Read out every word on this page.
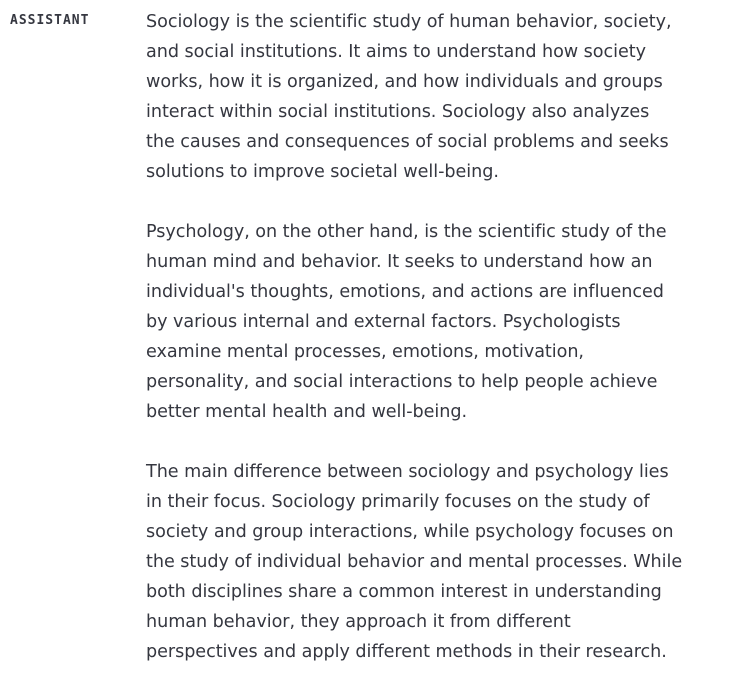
ASSISTANT	Sociology is the scientific study of human behavior, society,
and social institutions. It aims to understand how society
works, how it is organized, and how individuals and groups
interact within social institutions. Sociology also analyzes
the causes and consequences of social problems and seeks
solutions to improve societal well-being.

Psychology, on the other hand, is the scientific study of the
human mind and behavior. It seeks to understand how an
individual's thoughts, emotions, and actions are influenced
by various internal and external factors. Psychologists
examine mental processes, emotions, motivation,
personality, and social interactions to help people achieve
better mental health and well-being.

The main difference between sociology and psychology lies
in their focus. Sociology primarily focuses on the study of
society and group interactions, while psychology focuses on
the study of individual behavior and mental processes. While
both disciplines share a common interest in understanding
human behavior, they approach it from different
perspectives and apply different methods in their research.
